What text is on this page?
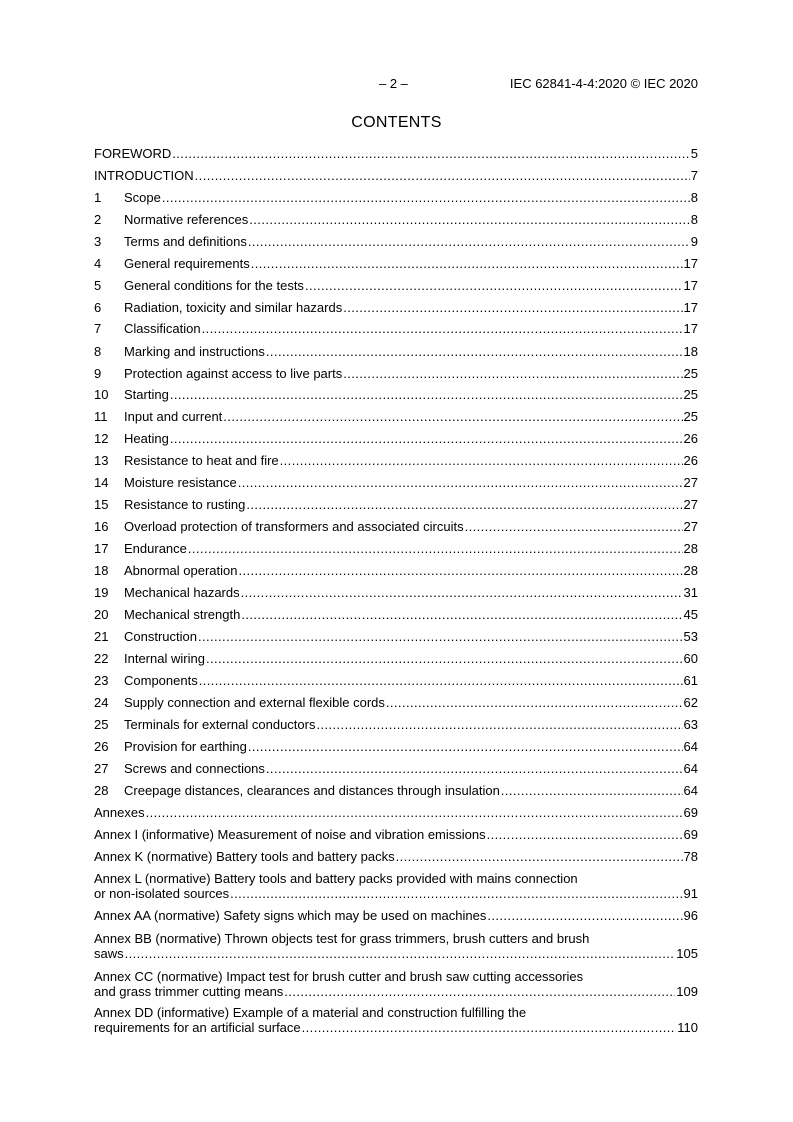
– 2 –	IEC 62841-4-4:2020 © IEC 2020
CONTENTS
FOREWORD .....	5
INTRODUCTION .....	7
1	Scope .....	8
2	Normative references .....	8
3	Terms and definitions .....	9
4	General requirements .....	17
5	General conditions for the tests .....	17
6	Radiation, toxicity and similar hazards .....	17
7	Classification .....	17
8	Marking and instructions .....	18
9	Protection against access to live parts .....	25
10	Starting .....	25
11	Input and current .....	25
12	Heating .....	26
13	Resistance to heat and fire .....	26
14	Moisture resistance .....	27
15	Resistance to rusting .....	27
16	Overload protection of transformers and associated circuits .....	27
17	Endurance .....	28
18	Abnormal operation .....	28
19	Mechanical hazards .....	31
20	Mechanical strength .....	45
21	Construction .....	53
22	Internal wiring .....	60
23	Components .....	61
24	Supply connection and external flexible cords .....	62
25	Terminals for external conductors .....	63
26	Provision for earthing .....	64
27	Screws and connections .....	64
28	Creepage distances, clearances and distances through insulation .....	64
Annexes .....	69
Annex I (informative) Measurement of noise and vibration emissions .....	69
Annex K (normative) Battery tools and battery packs .....	78
Annex L (normative) Battery tools and battery packs provided with mains connection
or non-isolated sources .....	91
Annex AA (normative) Safety signs which may be used on machines .....	96
Annex BB (normative) Thrown objects test for grass trimmers, brush cutters and brush
saws .....	105
Annex CC (normative) Impact test for brush cutter and brush saw cutting accessories
and grass trimmer cutting means .....	109
Annex DD (informative) Example of a material and construction fulfilling the
requirements for an artificial surface .....	110
